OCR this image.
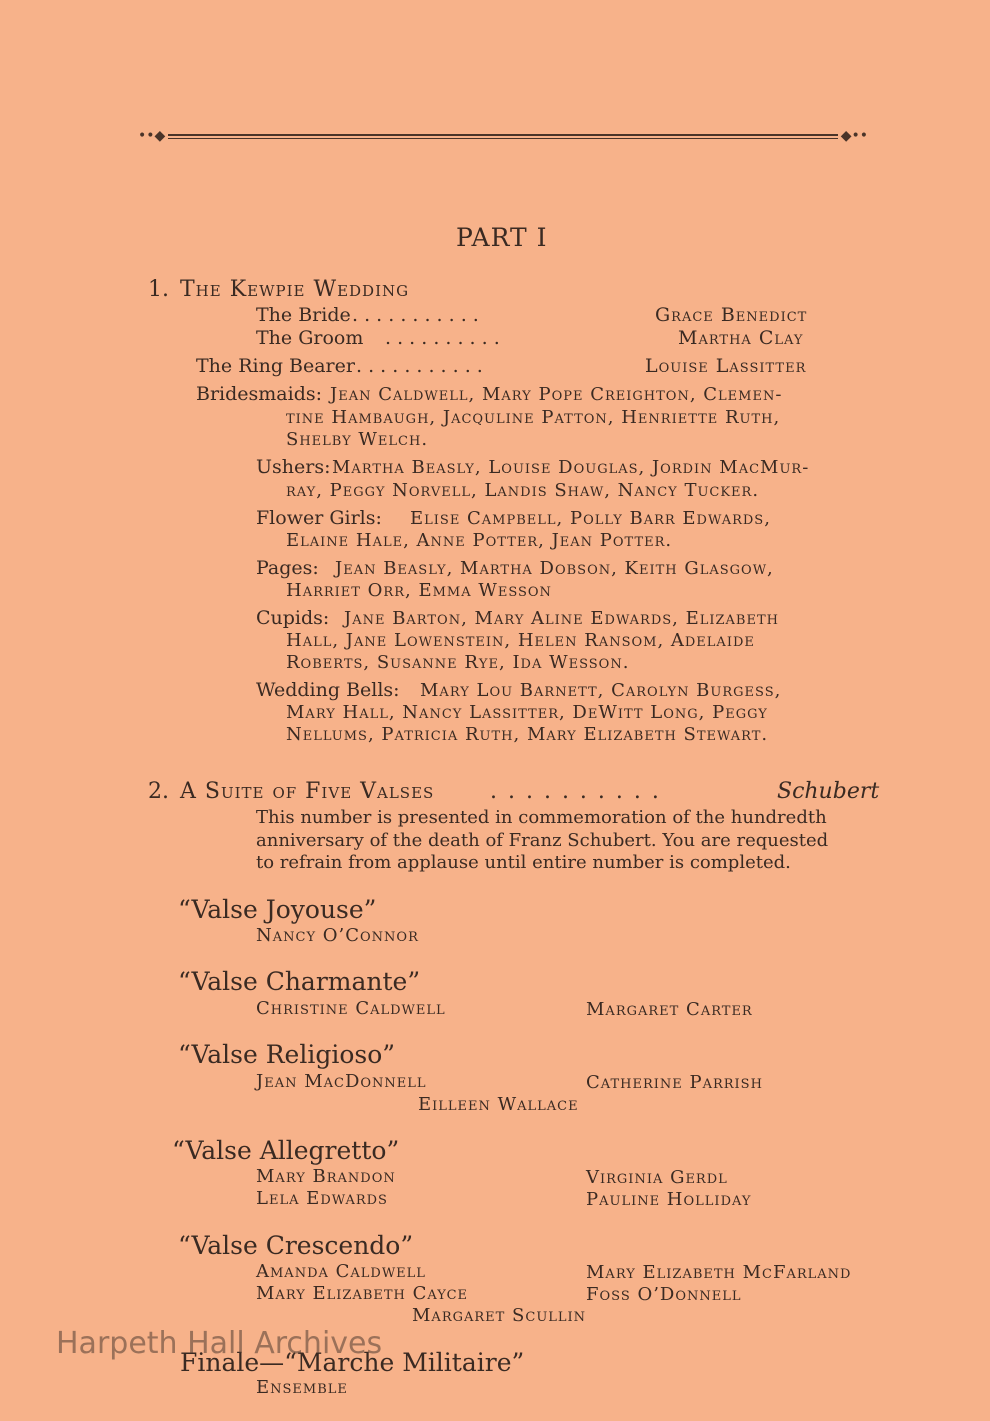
••◆	◆••
PART I
1. The Kewpie Wedding
The Bride . . . . . . . . . . .	Grace Benedict
The Groom . . . . . . . . . .	Martha Clay
The Ring Bearer . . . . . . . . . . .	Louise Lassitter
Bridesmaids: Jean Caldwell, Mary Pope Creighton, Clemen-
tine Hambaugh, Jacquline Patton, Henriette Ruth,
Shelby Welch.
Ushers: Martha Beasly, Louise Douglas, Jordin MacMur-
ray, Peggy Norvell, Landis Shaw, Nancy Tucker.
Flower Girls: Elise Campbell, Polly Barr Edwards,
Elaine Hale, Anne Potter, Jean Potter.
Pages: Jean Beasly, Martha Dobson, Keith Glasgow,
Harriet Orr, Emma Wesson
Cupids: Jane Barton, Mary Aline Edwards, Elizabeth
Hall, Jane Lowenstein, Helen Ransom, Adelaide
Roberts, Susanne Rye, Ida Wesson.
Wedding Bells: Mary Lou Barnett, Carolyn Burgess,
Mary Hall, Nancy Lassitter, DeWitt Long, Peggy
Nellums, Patricia Ruth, Mary Elizabeth Stewart.
2. A Suite of Five Valses	. . . . . . . . . .	Schubert
This number is presented in commemoration of the hundredth
anniversary of the death of Franz Schubert. You are requested
to refrain from applause until entire number is completed.
“Valse Joyouse”
Nancy O’Connor
“Valse Charmante”
Christine Caldwell	Margaret Carter
“Valse Religioso”
Jean MacDonnell	Catherine Parrish
Eilleen Wallace
“Valse Allegretto”
Mary Brandon	Virginia Gerdl
Lela Edwards	Pauline Holliday
“Valse Crescendo”
Amanda Caldwell	Mary Elizabeth McFarland
Mary Elizabeth Cayce	Foss O’Donnell
Margaret Scullin
Finale—“Marche Militaire”
Ensemble
Harpeth Hall Archives
